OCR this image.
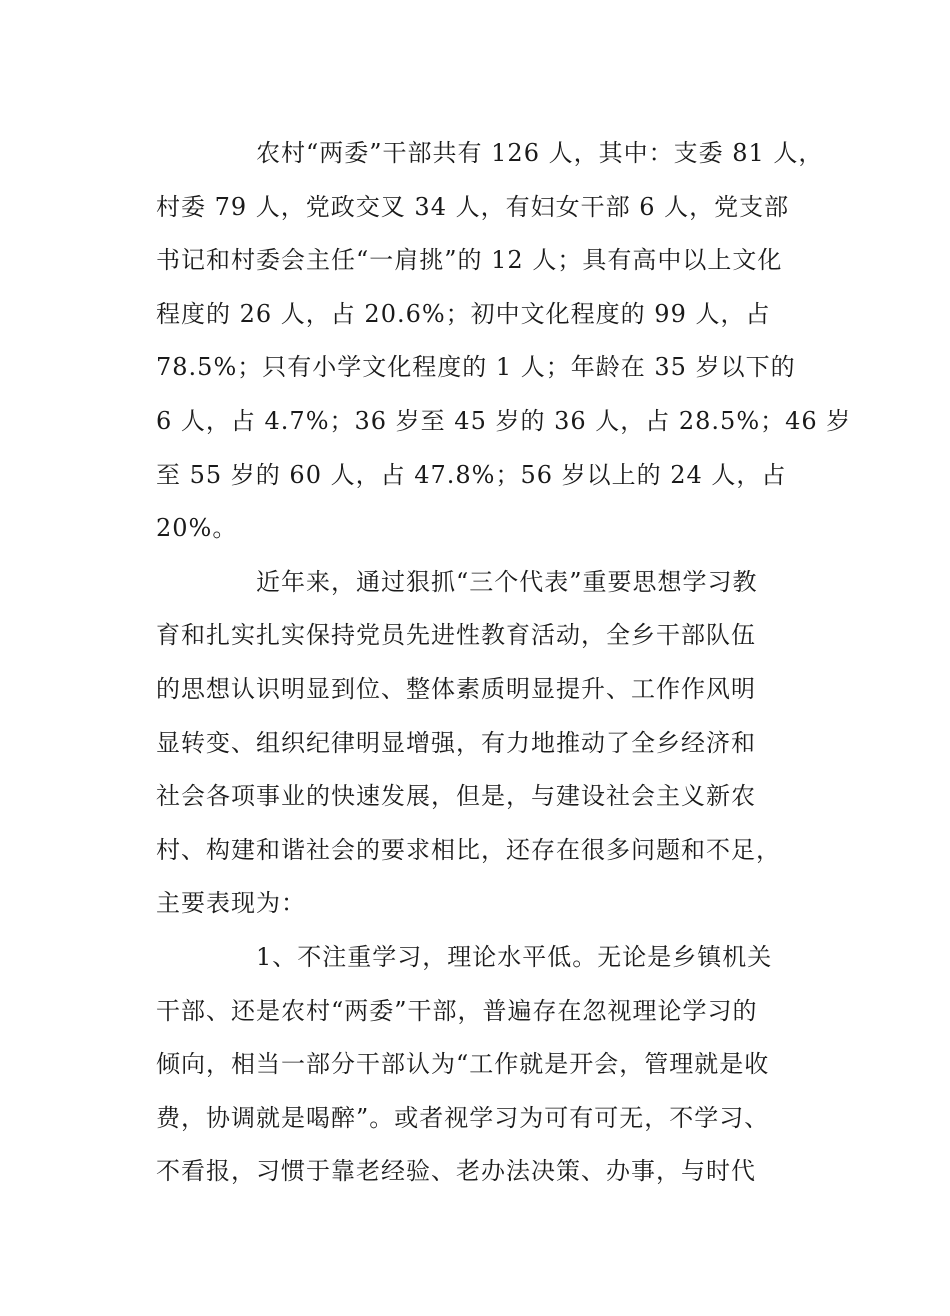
农村“两委”干部共有 126 人，其中：支委 81 人，
村委 79 人，党政交叉 34 人，有妇女干部 6 人，党支部
书记和村委会主任“一肩挑”的 12 人；具有高中以上文化
程度的 26 人，占 20.6%；初中文化程度的 99 人，占
78.5%；只有小学文化程度的 1 人；年龄在 35 岁以下的
6 人，占 4.7%；36 岁至 45 岁的 36 人，占 28.5%；46 岁
至 55 岁的 60 人，占 47.8%；56 岁以上的 24 人，占
20%。
近年来，通过狠抓“三个代表”重要思想学习教
育和扎实扎实保持党员先进性教育活动，全乡干部队伍
的思想认识明显到位、整体素质明显提升、工作作风明
显转变、组织纪律明显增强，有力地推动了全乡经济和
社会各项事业的快速发展，但是，与建设社会主义新农
村、构建和谐社会的要求相比，还存在很多问题和不足，
主要表现为：
1、不注重学习，理论水平低。无论是乡镇机关
干部、还是农村“两委”干部，普遍存在忽视理论学习的
倾向，相当一部分干部认为“工作就是开会，管理就是收
费，协调就是喝醉”。或者视学习为可有可无，不学习、
不看报，习惯于靠老经验、老办法决策、办事，与时代
